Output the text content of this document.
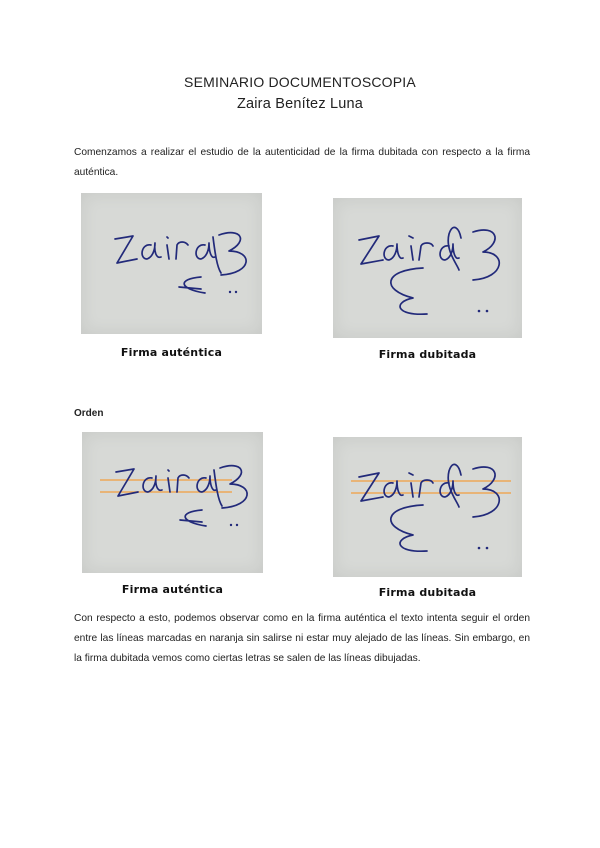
SEMINARIO DOCUMENTOSCOPIA
Zaira Benítez Luna
Comenzamos a realizar el estudio de la autenticidad de la firma dubitada con respecto a la firma auténtica.
Firma auténtica	Firma dubitada
Orden
Firma auténtica	Firma dubitada
Con respecto a esto, podemos observar como en la firma auténtica el texto intenta seguir el orden entre las líneas marcadas en naranja sin salirse ni estar muy alejado de las líneas. Sin embargo, en la firma dubitada vemos como ciertas letras se salen de las líneas dibujadas.
